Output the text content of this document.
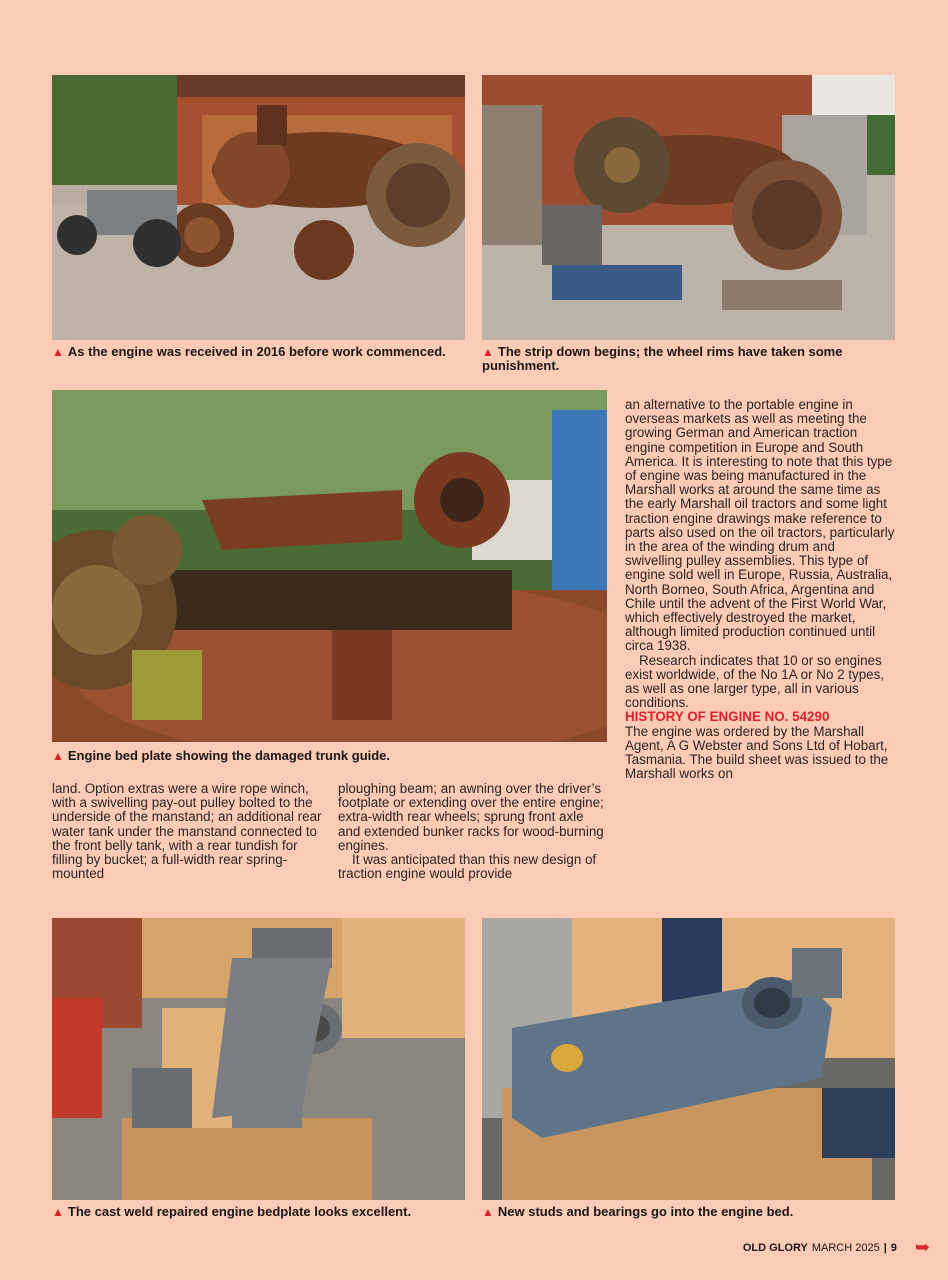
▲ As the engine was received in 2016 before work commenced.	▲ The strip down begins; the wheel rims have taken some punishment.
▲ Engine bed plate showing the damaged trunk guide.

land. Option extras were a wire rope winch, with a swivelling pay-out pulley bolted to the underside of the manstand; an additional rear water tank under the manstand connected to the front belly tank, with a rear tundish for filling by bucket; a full-width rear spring-mounted

ploughing beam; an awning over the driver’s footplate or extending over the entire engine; extra-width rear wheels; sprung front axle and extended bunker racks for wood-burning engines.

It was anticipated than this new design of traction engine would provide

an alternative to the portable engine in overseas markets as well as meeting the growing German and American traction engine competition in Europe and South America. It is interesting to note that this type of engine was being manufactured in the Marshall works at around the same time as the early Marshall oil tractors and some light traction engine drawings make reference to parts also used on the oil tractors, particularly in the area of the winding drum and swivelling pulley assemblies. This type of engine sold well in Europe, Russia, Australia, North Borneo, South Africa, Argentina and Chile until the advent of the First World War, which effectively destroyed the market, although limited production continued until circa 1938.

Research indicates that 10 or so engines exist worldwide, of the No 1A or No 2 types, as well as one larger type, all in various conditions.

HISTORY OF ENGINE NO. 54290

The engine was ordered by the Marshall Agent, A G Webster and Sons Ltd of Hobart, Tasmania. The build sheet was issued to the Marshall works on

▲ The cast weld repaired engine bedplate looks excellent.	▲ New studs and bearings go into the engine bed.
OLD GLORY MARCH 2025 | 9 ➥
